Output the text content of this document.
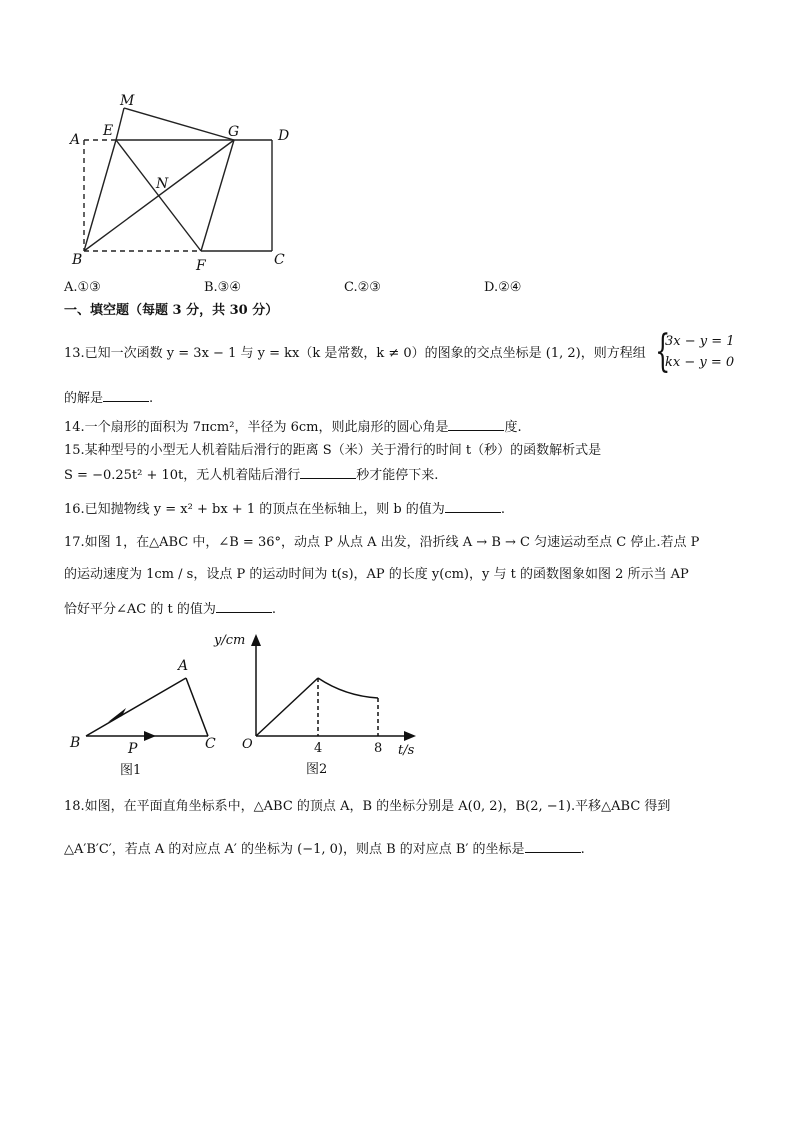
M
E	G	D
A
N
B	F	C
A.①③	B.③④	C.②③	D.②④
一、填空题（每题 3 分，共 30 分）
13.已知一次函数 y = 3x − 1 与 y = kx（k 是常数，k ≠ 0）的图象的交点坐标是 (1, 2)，则方程组 {
3x − y = 1
kx − y = 0
的解是	.
14.一个扇形的面积为 7πcm²，半径为 6cm，则此扇形的圆心角是	度.
15.某种型号的小型无人机着陆后滑行的距离 S（米）关于滑行的时间 t（秒）的函数解析式是
S = −0.25t² + 10t，无人机着陆后滑行	秒才能停下来.
16.已知抛物线 y = x² + bx + 1 的顶点在坐标轴上，则 b 的值为	.
17.如图 1，在△ABC 中，∠B = 36°，动点 P 从点 A 出发，沿折线 A → B → C 匀速运动至点 C 停止.若点 P
的运动速度为 1cm / s，设点 P 的运动时间为 t(s)，AP 的长度 y(cm)，y 与 t 的函数图象如图 2 所示当 AP
恰好平分∠AC 的 t 的值为	.
A
B	C
P
图1
y/cm
t/s
O	4	8
图2
18.如图，在平面直角坐标系中，△ABC 的顶点 A，B 的坐标分别是 A(0, 2)，B(2, −1).平移△ABC 得到
△A′B′C′，若点 A 的对应点 A′ 的坐标为 (−1, 0)，则点 B 的对应点 B′ 的坐标是	.
